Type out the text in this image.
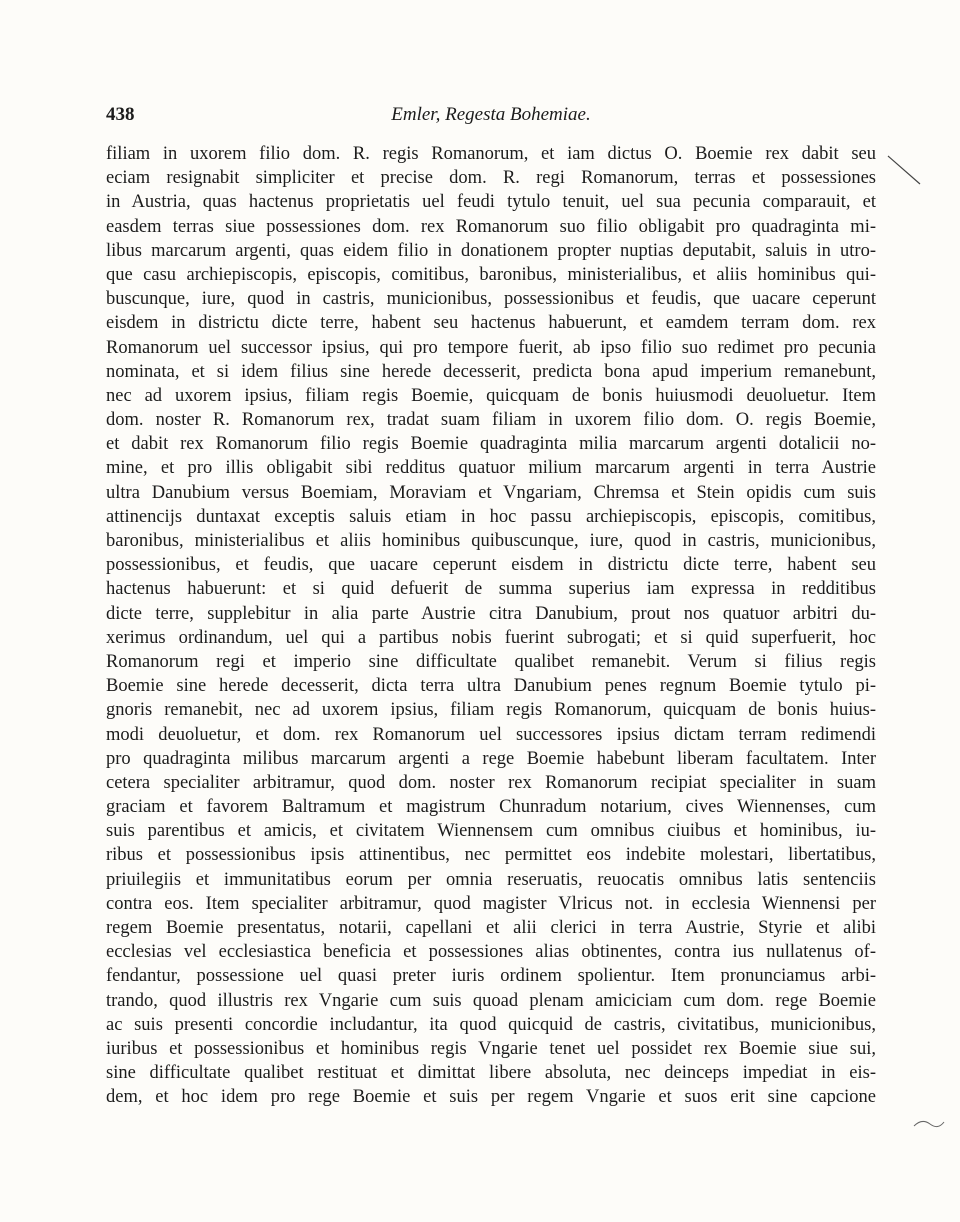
438	Emler, Regesta Bohemiae.
filiam in uxorem filio dom. R. regis Romanorum, et iam dictus O. Boemie rex dabit seu
eciam resignabit simpliciter et precise dom. R. regi Romanorum, terras et possessiones
in Austria, quas hactenus proprietatis uel feudi tytulo tenuit, uel sua pecunia comparauit, et
easdem terras siue possessiones dom. rex Romanorum suo filio obligabit pro quadraginta mi-
libus marcarum argenti, quas eidem filio in donationem propter nuptias deputabit, saluis in utro-
que casu archiepiscopis, episcopis, comitibus, baronibus, ministerialibus, et aliis hominibus qui-
buscunque, iure, quod in castris, municionibus, possessionibus et feudis, que uacare ceperunt
eisdem in districtu dicte terre, habent seu hactenus habuerunt, et eamdem terram dom. rex
Romanorum uel successor ipsius, qui pro tempore fuerit, ab ipso filio suo redimet pro pecunia
nominata, et si idem filius sine herede decesserit, predicta bona apud imperium remanebunt,
nec ad uxorem ipsius, filiam regis Boemie, quicquam de bonis huiusmodi deuoluetur. Item
dom. noster R. Romanorum rex, tradat suam filiam in uxorem filio dom. O. regis Boemie,
et dabit rex Romanorum filio regis Boemie quadraginta milia marcarum argenti dotalicii no-
mine, et pro illis obligabit sibi redditus quatuor milium marcarum argenti in terra Austrie
ultra Danubium versus Boemiam, Moraviam et Vngariam, Chremsa et Stein opidis cum suis
attinencijs duntaxat exceptis saluis etiam in hoc passu archiepiscopis, episcopis, comitibus,
baronibus, ministerialibus et aliis hominibus quibuscunque, iure, quod in castris, municionibus,
possessionibus, et feudis, que uacare ceperunt eisdem in districtu dicte terre, habent seu
hactenus habuerunt: et si quid defuerit de summa superius iam expressa in redditibus
dicte terre, supplebitur in alia parte Austrie citra Danubium, prout nos quatuor arbitri du-
xerimus ordinandum, uel qui a partibus nobis fuerint subrogati; et si quid superfuerit, hoc
Romanorum regi et imperio sine difficultate qualibet remanebit. Verum si filius regis
Boemie sine herede decesserit, dicta terra ultra Danubium penes regnum Boemie tytulo pi-
gnoris remanebit, nec ad uxorem ipsius, filiam regis Romanorum, quicquam de bonis huius-
modi deuoluetur, et dom. rex Romanorum uel successores ipsius dictam terram redimendi
pro quadraginta milibus marcarum argenti a rege Boemie habebunt liberam facultatem. Inter
cetera specialiter arbitramur, quod dom. noster rex Romanorum recipiat specialiter in suam
graciam et favorem Baltramum et magistrum Chunradum notarium, cives Wiennenses, cum
suis parentibus et amicis, et civitatem Wiennensem cum omnibus ciuibus et hominibus, iu-
ribus et possessionibus ipsis attinentibus, nec permittet eos indebite molestari, libertatibus,
priuilegiis et immunitatibus eorum per omnia reseruatis, reuocatis omnibus latis sentenciis
contra eos. Item specialiter arbitramur, quod magister Vlricus not. in ecclesia Wiennensi per
regem Boemie presentatus, notarii, capellani et alii clerici in terra Austrie, Styrie et alibi
ecclesias vel ecclesiastica beneficia et possessiones alias obtinentes, contra ius nullatenus of-
fendantur, possessione uel quasi preter iuris ordinem spolientur. Item pronunciamus arbi-
trando, quod illustris rex Vngarie cum suis quoad plenam amiciciam cum dom. rege Boemie
ac suis presenti concordie includantur, ita quod quicquid de castris, civitatibus, municionibus,
iuribus et possessionibus et hominibus regis Vngarie tenet uel possidet rex Boemie siue sui,
sine difficultate qualibet restituat et dimittat libere absoluta, nec deinceps impediat in eis-
dem, et hoc idem pro rege Boemie et suis per regem Vngarie et suos erit sine capcione
